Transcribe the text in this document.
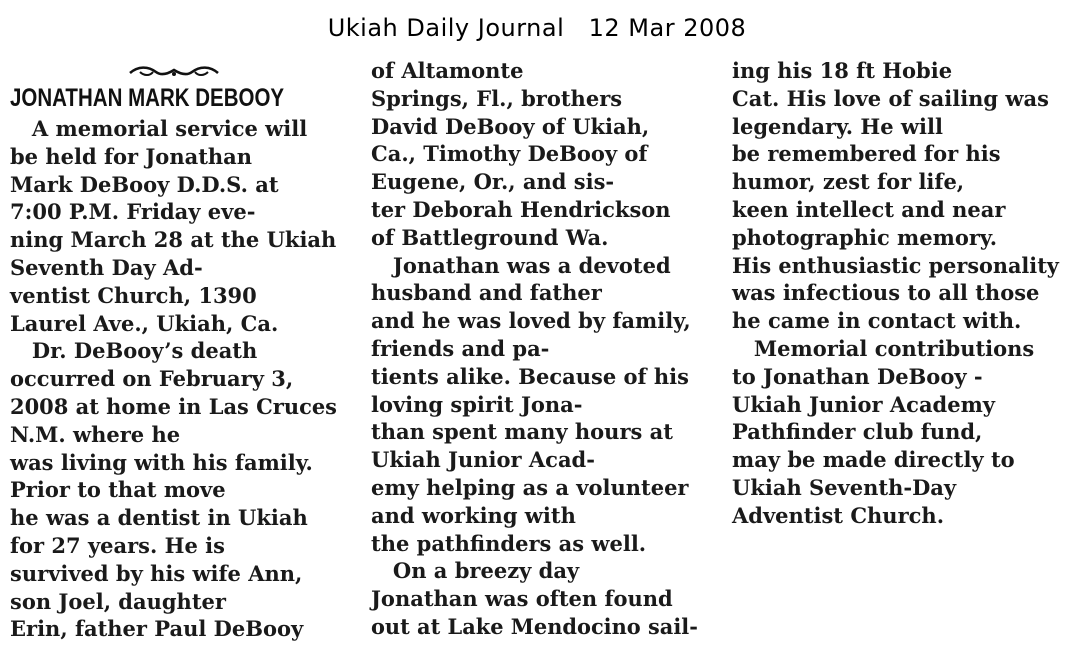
Ukiah Daily Journal   12 Mar 2008
JONATHAN MARK DEBOOY
A memorial service will
be held for Jonathan
Mark DeBooy D.D.S. at
7:00 P.M. Friday eve-
ning March 28 at the Ukiah
Seventh Day Ad-
ventist Church, 1390
Laurel Ave., Ukiah, Ca.
Dr. DeBooy’s death
occurred on February 3,
2008 at home in Las Cruces
N.M. where he
was living with his family.
Prior to that move
he was a dentist in Ukiah
for 27 years. He is
survived by his wife Ann,
son Joel, daughter
Erin, father Paul DeBooy
of Altamonte
Springs, Fl., brothers
David DeBooy of Ukiah,
Ca., Timothy DeBooy of
Eugene, Or., and sis-
ter Deborah Hendrickson
of Battleground Wa.
Jonathan was a devoted
husband and father
and he was loved by family,
friends and pa-
tients alike. Because of his
loving spirit Jona-
than spent many hours at
Ukiah Junior Acad-
emy helping as a volunteer
and working with
the pathfinders as well.
On a breezy day
Jonathan was often found
out at Lake Mendocino sail-
ing his 18 ft Hobie
Cat. His love of sailing was
legendary. He will
be remembered for his
humor, zest for life,
keen intellect and near
photographic memory.
His enthusiastic personality
was infectious to all those
he came in contact with.
Memorial contributions
to Jonathan DeBooy -
Ukiah Junior Academy
Pathfinder club fund,
may be made directly to
Ukiah Seventh-Day
Adventist Church.
